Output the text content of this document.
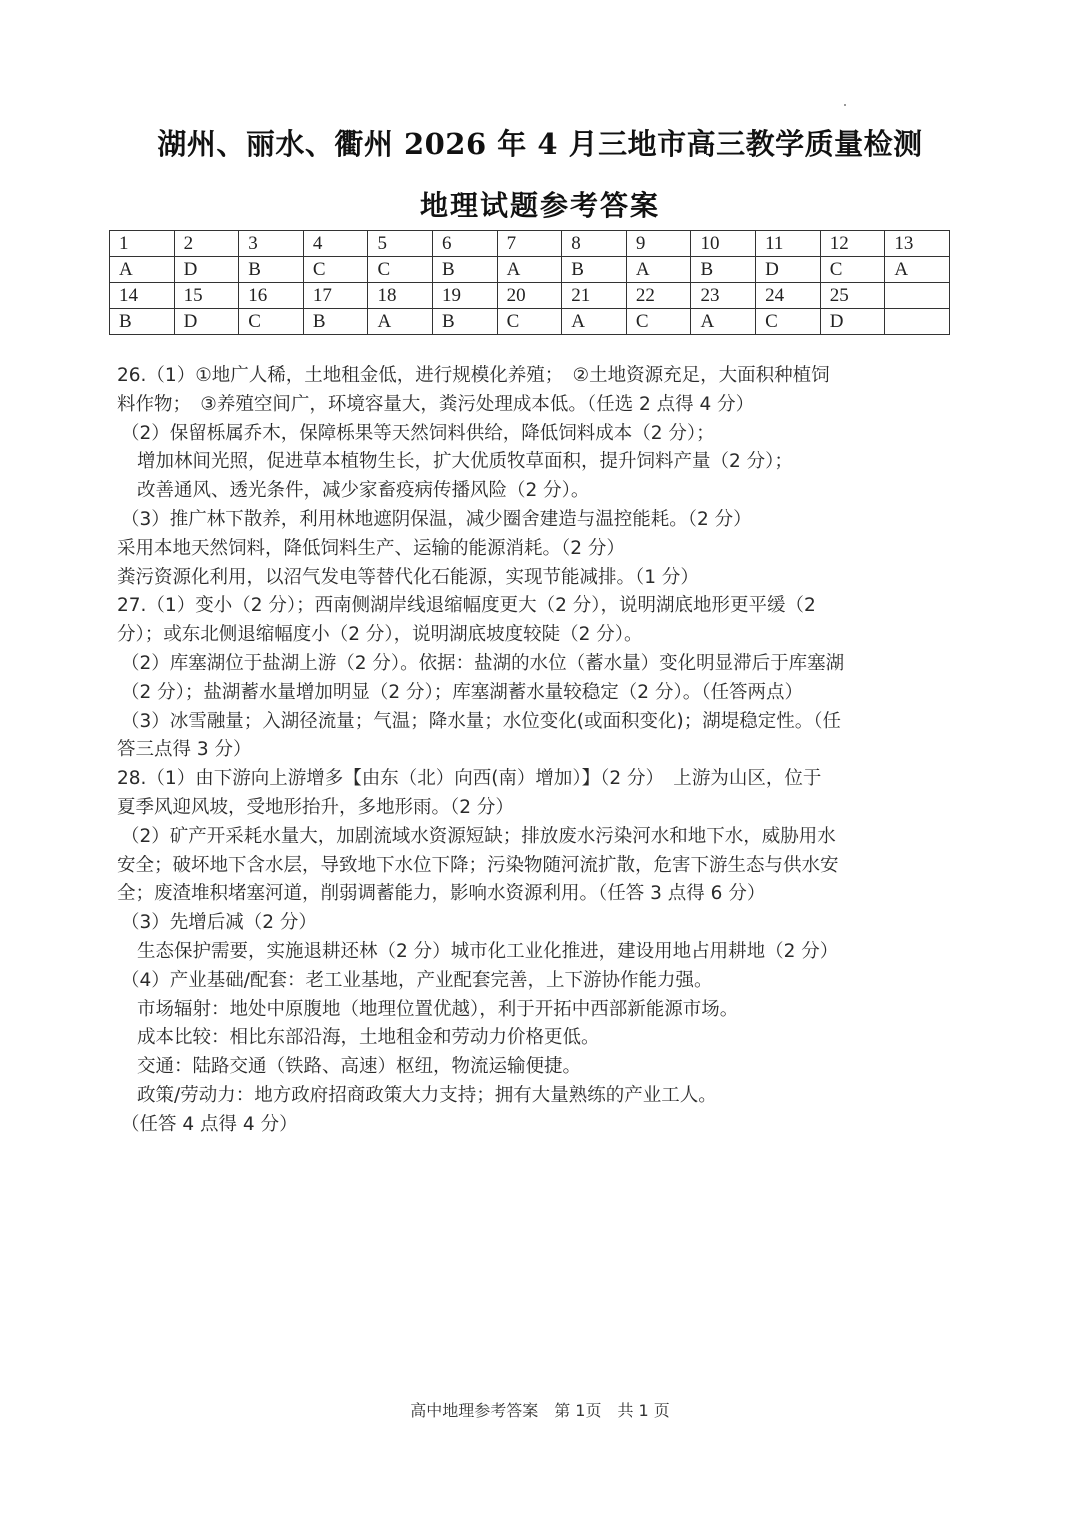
湖州、丽水、衢州 2026 年 4 月三地市高三教学质量检测
地理试题参考答案
1	2	3	4	5	6	7	8	9	10	11	12	13
A	D	B	C	C	B	A	B	A	B	D	C	A
14	15	16	17	18	19	20	21	22	23	24	25	
B	D	C	B	A	B	C	A	C	A	C	D	
26.（1）①地广人稀，土地租金低，进行规模化养殖；　②土地资源充足，大面积种植饲
料作物；　③养殖空间广，环境容量大，粪污处理成本低。（任选 2 点得 4 分）
（2）保留栎属乔木，保障栎果等天然饲料供给，降低饲料成本（2 分）；
增加林间光照，促进草本植物生长，扩大优质牧草面积，提升饲料产量（2 分）；
改善通风、透光条件，减少家畜疫病传播风险（2 分）。
（3）推广林下散养，利用林地遮阴保温，减少圈舍建造与温控能耗。（2 分）
采用本地天然饲料，降低饲料生产、运输的能源消耗。（2 分）
粪污资源化利用，以沼气发电等替代化石能源，实现节能减排。（1 分）
27.（1）变小（2 分）；西南侧湖岸线退缩幅度更大（2 分），说明湖底地形更平缓（2
分）；或东北侧退缩幅度小（2 分），说明湖底坡度较陡（2 分）。
（2）库塞湖位于盐湖上游（2 分）。依据：盐湖的水位（蓄水量）变化明显滞后于库塞湖
（2 分）；盐湖蓄水量增加明显（2 分）；库塞湖蓄水量较稳定（2 分）。（任答两点）
（3）冰雪融量；入湖径流量；气温；降水量；水位变化(或面积变化)；湖堤稳定性。（任
答三点得 3 分）
28.（1）由下游向上游增多【由东（北）向西(南）增加）】（2 分）　上游为山区，位于
夏季风迎风坡，受地形抬升，多地形雨。（2 分）
（2）矿产开采耗水量大，加剧流域水资源短缺；排放废水污染河水和地下水，威胁用水
安全；破坏地下含水层，导致地下水位下降；污染物随河流扩散，危害下游生态与供水安
全；废渣堆积堵塞河道，削弱调蓄能力，影响水资源利用。（任答 3 点得 6 分）
（3）先增后减（2 分）
生态保护需要，实施退耕还林（2 分）城市化工业化推进，建设用地占用耕地（2 分）
（4）产业基础/配套：老工业基地，产业配套完善，上下游协作能力强。
市场辐射：地处中原腹地（地理位置优越），利于开拓中西部新能源市场。
成本比较：相比东部沿海，土地租金和劳动力价格更低。
交通：陆路交通（铁路、高速）枢纽，物流运输便捷。
政策/劳动力：地方政府招商政策大力支持；拥有大量熟练的产业工人。
（任答 4 点得 4 分）
高中地理参考答案　第 1页　共 1 页
